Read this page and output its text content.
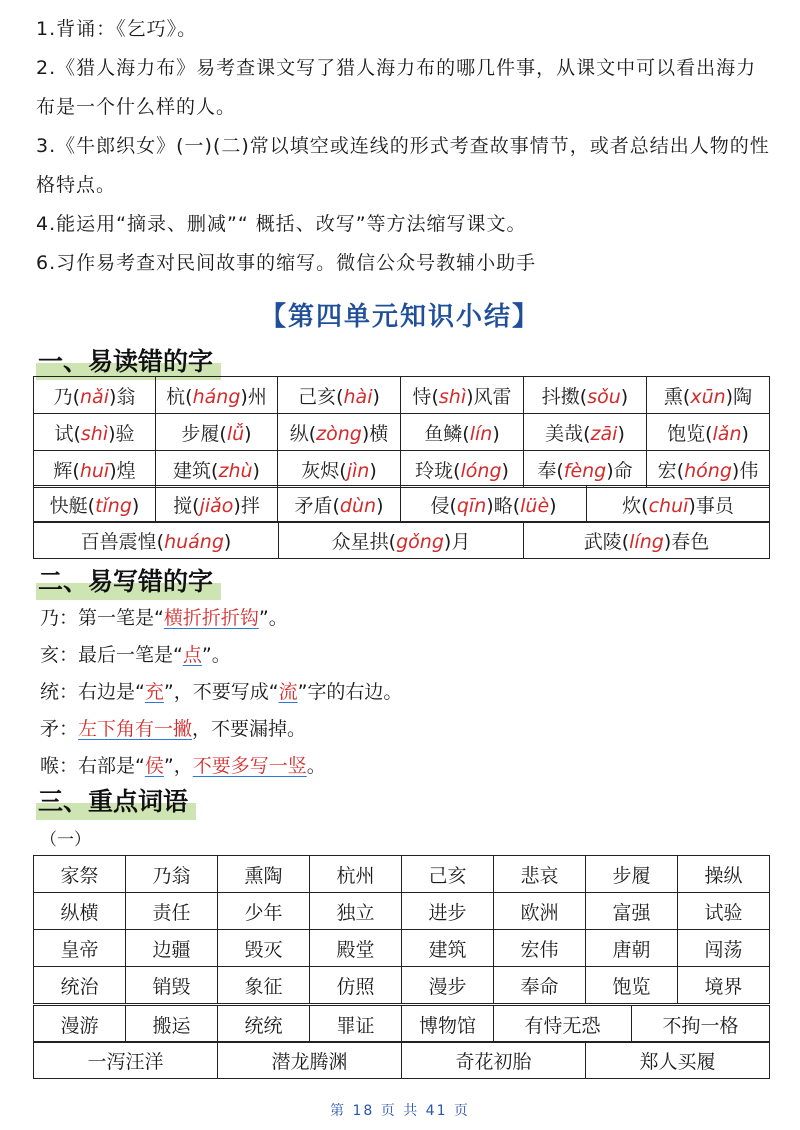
1.背诵：《乞巧》。

2.《猎人海力布》易考查课文写了猎人海力布的哪几件事，从课文中可以看出海力布是一个什么样的人。

3.《牛郎织女》(一)(二)常以填空或连线的形式考查故事情节，或者总结出人物的性格特点。

4.能运用“摘录、删减”“ 概括、改写”等方法缩写课文。

6.习作易考查对民间故事的缩写。微信公众号教辅小助手

【第四单元知识小结】
一、易读错的字
乃(nǎi)翁	杭(háng)州	己亥(hài)	恃(shì)风雷	抖擞(sǒu)	熏(xūn)陶
试(shì)验	步履(lǚ)	纵(zòng)横	鱼鳞(lín)	美哉(zāi)	饱览(lǎn)
辉(huī)煌	建筑(zhù)	灰烬(jìn)	玲珑(lóng)	奉(fèng)命	宏(hóng)伟
快艇(tǐng)	搅(jiǎo)拌	矛盾(dùn)	侵(qīn)略(lüè)	炊(chuī)事员
百兽震惶(huáng)	众星拱(gǒng)月	武陵(líng)春色
二、易写错的字
乃：第一笔是“横折折折钩”。
亥：最后一笔是“点”。
统：右边是“充”，不要写成“流”字的右边。
矛：左下角有一撇，不要漏掉。
喉：右部是“侯”，不要多写一竖。
三、重点词语
（一）
家祭	乃翁	熏陶	杭州	己亥	悲哀	步履	操纵
纵横	责任	少年	独立	进步	欧洲	富强	试验
皇帝	边疆	毁灭	殿堂	建筑	宏伟	唐朝	闯荡
统治	销毁	象征	仿照	漫步	奉命	饱览	境界
漫游	搬运	统统	罪证	博物馆	有恃无恐	不拘一格
一泻汪洋	潜龙腾渊	奇花初胎	郑人买履
第 18 页 共 41 页
